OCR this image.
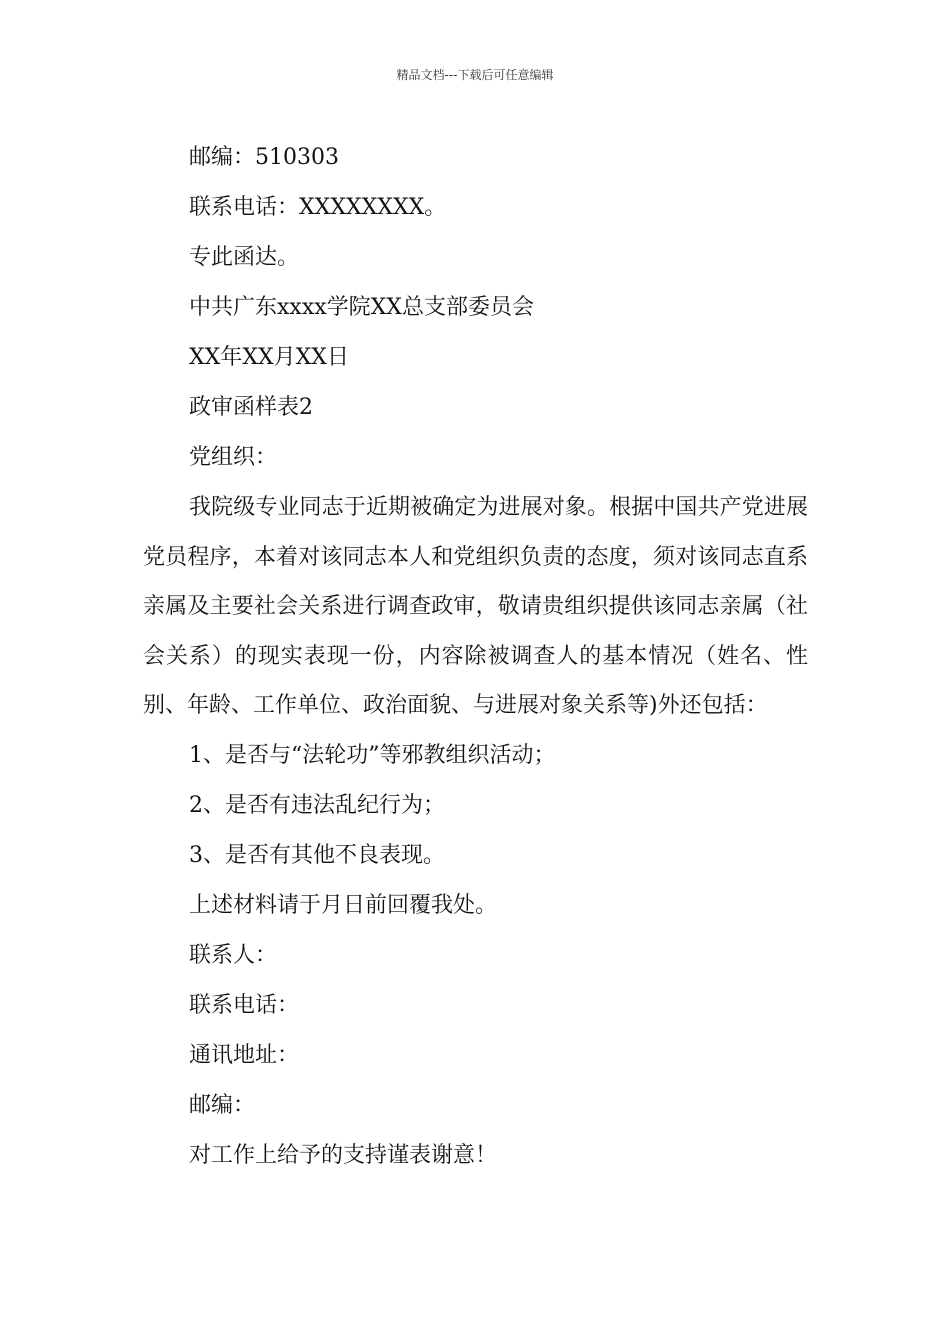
精品文档---下载后可任意编辑

邮编：510303

联系电话：XXXXXXXX。

专此函达。

中共广东xxxx学院XX总支部委员会

XX年XX月XX日

政审函样表2

党组织：

我院级专业同志于近期被确定为进展对象。根据中国共产党进展党员程序，本着对该同志本人和党组织负责的态度，须对该同志直系亲属及主要社会关系进行调查政审，敬请贵组织提供该同志亲属（社会关系）的现实表现一份，内容除被调查人的基本情况（姓名、性别、年龄、工作单位、政治面貌、与进展对象关系等)外还包括：

1、是否与“法轮功”等邪教组织活动；

2、是否有违法乱纪行为；

3、是否有其他不良表现。

上述材料请于月日前回覆我处。

联系人：

联系电话：

通讯地址：

邮编：

对工作上给予的支持谨表谢意！
